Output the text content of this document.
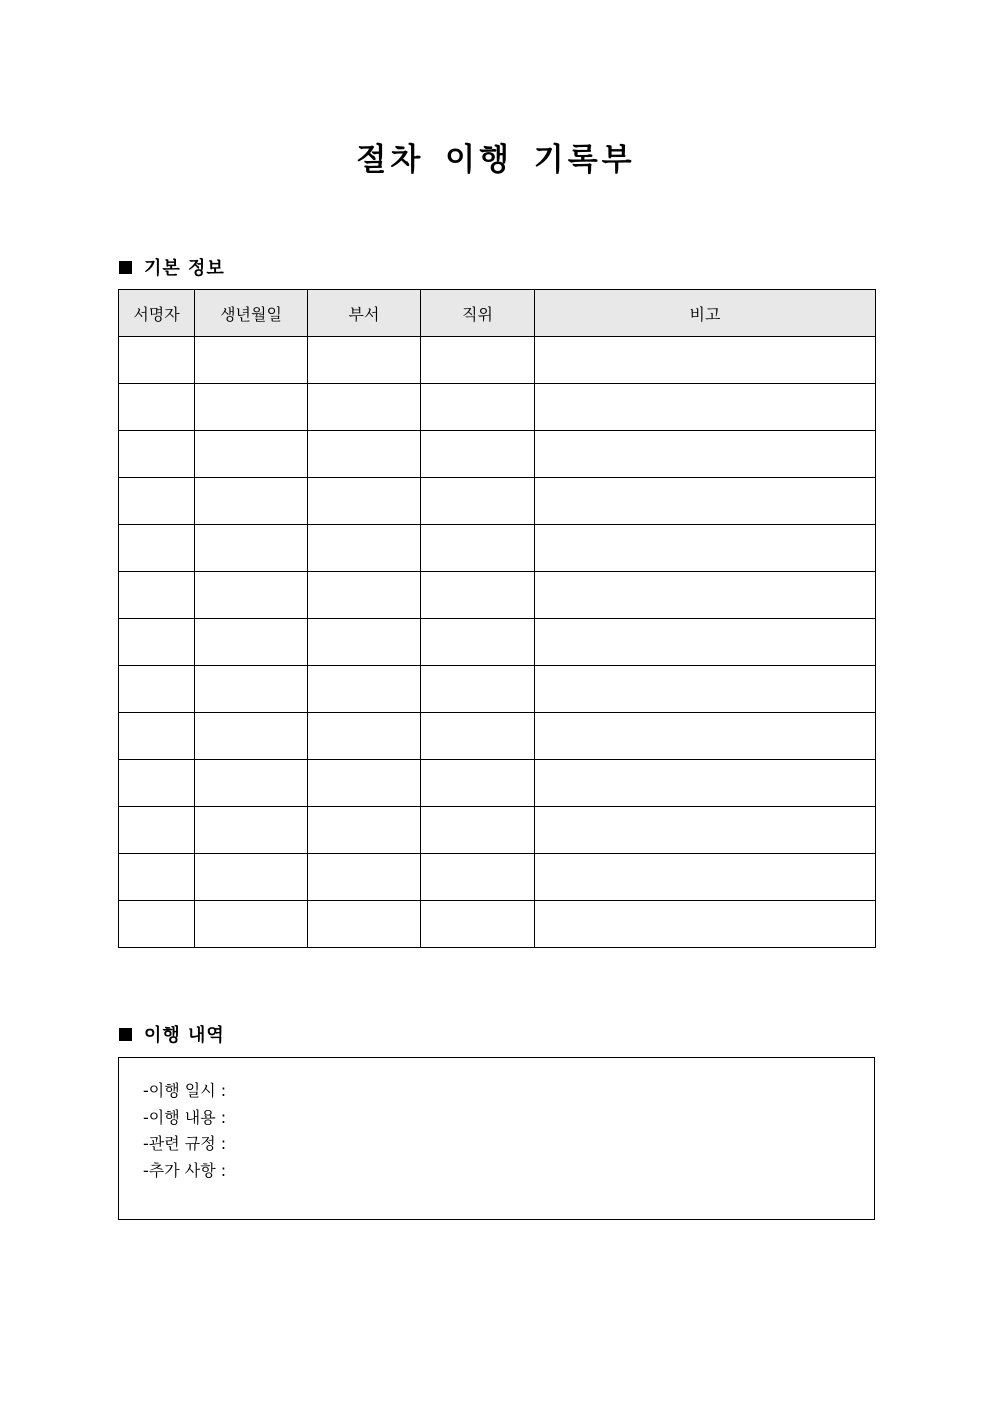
절차 이행 기록부
기본 정보
서명자	생년월일	부서	직위	비고

이행 내역
-이행 일시 :
-이행 내용 :
-관련 규정 :
-추가 사항 :
